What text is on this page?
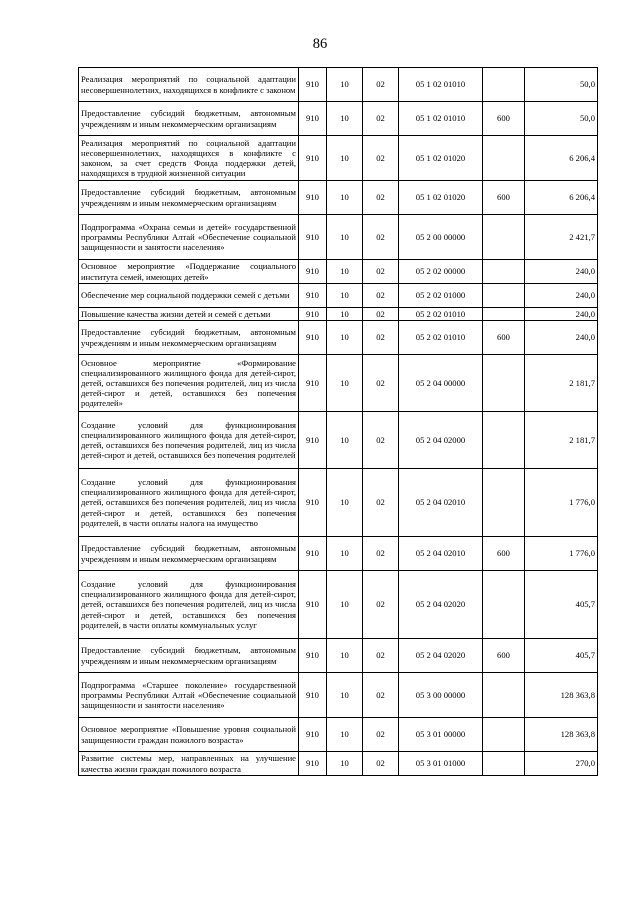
86
Реализация мероприятий по социальной адаптации несовершеннолетних, находящихся в конфликте с законом	910	10	02	05 1 02 01010		50,0
Предоставление субсидий бюджетным, автономным учреждениям и иным некоммерческим организациям	910	10	02	05 1 02 01010	600	50,0
Реализация мероприятий по социальной адаптации несовершеннолетних, находящихся в конфликте с законом, за счет средств Фонда поддержки детей, находящихся в трудной жизненной ситуации	910	10	02	05 1 02 01020		6 206,4
Предоставление субсидий бюджетным, автономным учреждениям и иным некоммерческим организациям	910	10	02	05 1 02 01020	600	6 206,4
Подпрограмма «Охрана семьи и детей» государственной программы Республики Алтай «Обеспечение социальной защищенности и занятости населения»	910	10	02	05 2 00 00000		2 421,7
Основное мероприятие «Поддержание социального института семей, имеющих детей»	910	10	02	05 2 02 00000		240,0
Обеспечение мер социальной поддержки семей с детьми	910	10	02	05 2 02 01000		240,0
Повышение качества жизни детей и семей с детьми	910	10	02	05 2 02 01010		240,0
Предоставление субсидий бюджетным, автономным учреждениям и иным некоммерческим организациям	910	10	02	05 2 02 01010	600	240,0
Основное мероприятие «Формирование специализированного жилищного фонда для детей-сирот, детей, оставшихся без попечения родителей, лиц из числа детей-сирот и детей, оставшихся без попечения родителей»	910	10	02	05 2 04 00000		2 181,7
Создание условий для функционирования специализированного жилищного фонда для детей-сирот, детей, оставшихся без попечения родителей, лиц из числа детей-сирот и детей, оставшихся без попечения родителей	910	10	02	05 2 04 02000		2 181,7
Создание условий для функционирования специализированного жилищного фонда для детей-сирот, детей, оставшихся без попечения родителей, лиц из числа детей-сирот и детей, оставшихся без попечения родителей, в части оплаты налога на имущество	910	10	02	05 2 04 02010		1 776,0
Предоставление субсидий бюджетным, автономным учреждениям и иным некоммерческим организациям	910	10	02	05 2 04 02010	600	1 776,0
Создание условий для функционирования специализированного жилищного фонда для детей-сирот, детей, оставшихся без попечения родителей, лиц из числа детей-сирот и детей, оставшихся без попечения родителей, в части оплаты коммунальных услуг	910	10	02	05 2 04 02020		405,7
Предоставление субсидий бюджетным, автономным учреждениям и иным некоммерческим организациям	910	10	02	05 2 04 02020	600	405,7
Подпрограмма «Старшее поколение» государственной программы Республики Алтай «Обеспечение социальной защищенности и занятости населения»	910	10	02	05 3 00 00000		128 363,8
Основное мероприятие «Повышение уровня социальной защищенности граждан пожилого возраста»	910	10	02	05 3 01 00000		128 363,8
Развитие системы мер, направленных на улучшение качества жизни граждан пожилого возраста	910	10	02	05 3 01 01000		270,0
